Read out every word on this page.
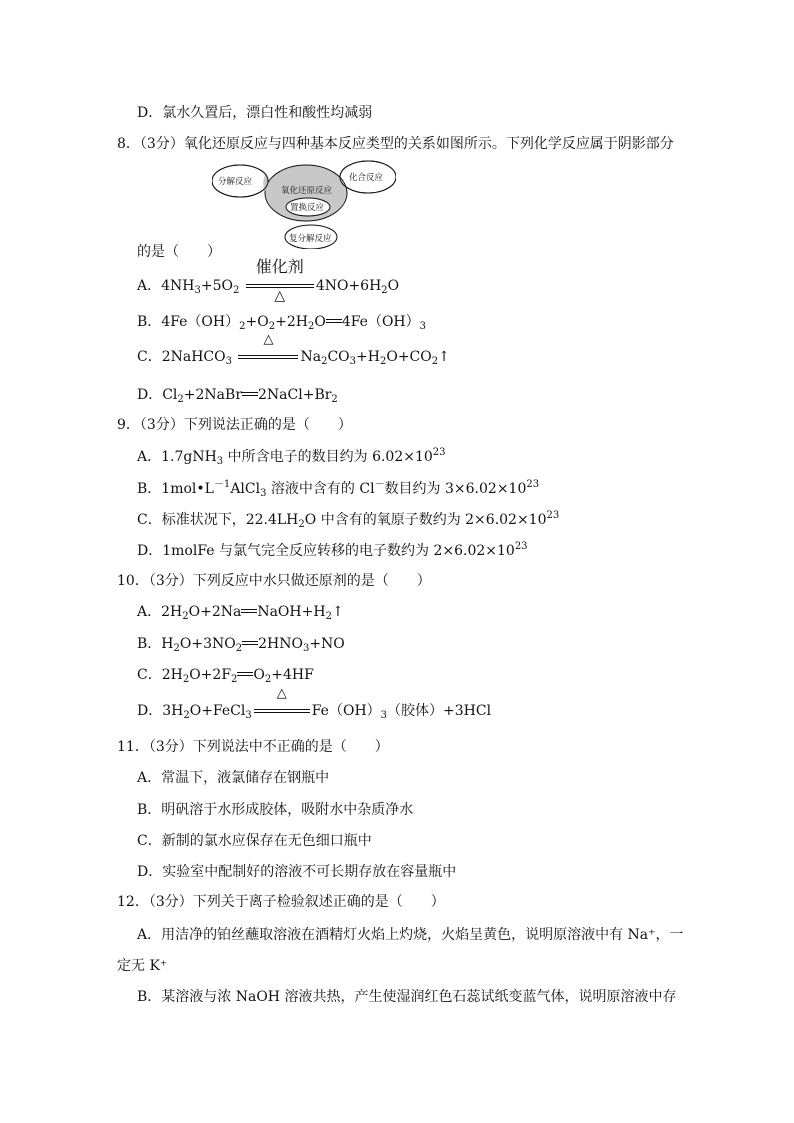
D．氯水久置后，漂白性和酸性均减弱
8．（3分）氧化还原反应与四种基本反应类型的关系如图所示。下列化学反应属于阴影部分
分解反应	化合反应
氧化还原反应
置换反应
复分解反应
的是（　　）
A．$4NH_3+5O_2$
催化剂
△
$4NO+6H_2O$
B．$4Fe(OH)_2+O_2+2H_2O$ $4Fe(OH)_3$
C．2NaHCO$_3$
△
$Na_2CO_3+H_2O+CO_2↑$
D．$Cl_2+2NaBr$ $2NaCl+Br_2$
9．（3分）下列说法正确的是（　　）
A．1.7gNH$_3$ 中所含电子的数目约为 $6.02\times 10^{23}$
B．$1mol•L^{-1}AlCl_3$ 溶液中含有的 Cl－数目约为 $3\times 6.02\times 10^{23}$
C．标准状况下，$22.4LH_2O$ 中含有的氧原子数约为 $2\times 6.02\times 10^{23}$
D．1molFe 与氯气完全反应转移的电子数约为 $2\times 6.02\times 10^{23}$
10．（3分）下列反应中水只做还原剂的是（　　）
A．$2H_2O+2Na$ $NaOH+H_2↑$
B．$H_2O+3NO_2$ $2HNO_3+NO$
C．$2H_2O+2F_2$ $O_2+4HF$
D．$3H_2O+FeCl_3$
△
$Fe(OH)_3$（胶体）+3HCl
11．（3分）下列说法中不正确的是（　　）
A．常温下，液氯储存在钢瓶中
B．明矾溶于水形成胶体，吸附水中杂质净水
C．新制的氯水应保存在无色细口瓶中
D．实验室中配制好的溶液不可长期存放在容量瓶中
12．（3分）下列关于离子检验叙述正确的是（　　）
A．用洁净的铂丝蘸取溶液在酒精灯火焰上灼烧，火焰呈黄色，说明原溶液中有 Na⁺，一
定无 K⁺
B．某溶液与浓 NaOH 溶液共热，产生使湿润红色石蕊试纸变蓝气体，说明原溶液中存
